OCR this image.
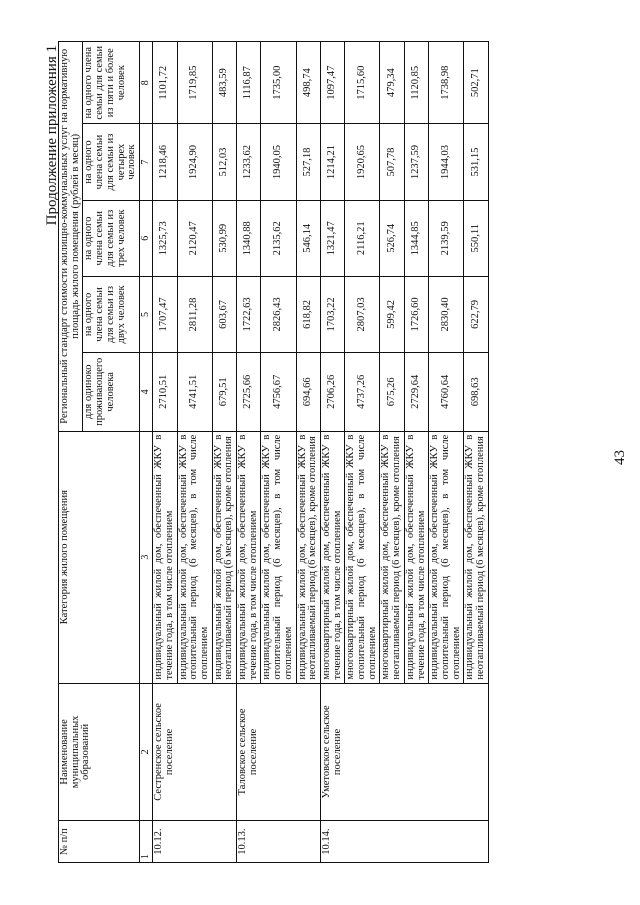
43
Продолжение приложения 1
№ п/п	Наименование муниципальных образований	Категория жилого помещения	Региональный стандарт стоимости жилищно-коммунальных услуг на нормативную площадь жилого помещения (рублей в месяц)				
			для одиноко проживающего человека	на одного члена семьи для семьи из двух человек	на одного члена семьи для семьи из трех человек	на одного члена семьи для семьи из четырех человек	на одного члена семьи для семьи из пяти и более человек
1	2	3	4	5	6	7	8
10.12.	Сестренское сельское поселение	индивидуальный жилой дом, обеспеченный ЖКУ в течение года, в том числе отоплением	2710,51	1707,47	1325,73	1218,46	1101,72
		индивидуальный жилой дом, обеспеченный ЖКУ в отопительный период (6 месяцев), в том числе отоплением	4741,51	2811,28	2120,47	1924,90	1719,85
		индивидуальный жилой дом, обеспеченный ЖКУ в неотапливаемый период (6 месяцев), кроме отопления	679,51	603,67	530,99	512,03	483,59
10.13.	Таловское сельское поселение	индивидуальный жилой дом, обеспеченный ЖКУ в течение года, в том числе отоплением	2725,66	1722,63	1340,88	1233,62	1116,87
		индивидуальный жилой дом, обеспеченный ЖКУ в отопительный период (6 месяцев), в том числе отоплением	4756,67	2826,43	2135,62	1940,05	1735,00
		индивидуальный жилой дом, обеспеченный ЖКУ в неотапливаемый период (6 месяцев), кроме отопления	694,66	618,82	546,14	527,18	498,74
10.14.	Уметовское сельское поселение	многоквартирный жилой дом, обеспеченный ЖКУ в течение года, в том числе отоплением	2706,26	1703,22	1321,47	1214,21	1097,47
		многоквартирный жилой дом, обеспеченный ЖКУ в отопительный период (6 месяцев), в том числе отоплением	4737,26	2807,03	2116,21	1920,65	1715,60
		многоквартирный жилой дом, обеспеченный ЖКУ в неотапливаемый период (6 месяцев), кроме отопления	675,26	599,42	526,74	507,78	479,34
		индивидуальный жилой дом, обеспеченный ЖКУ в течение года, в том числе отоплением	2729,64	1726,60	1344,85	1237,59	1120,85
		индивидуальный жилой дом, обеспеченный ЖКУ в отопительный период (6 месяцев), в том числе отоплением	4760,64	2830,40	2139,59	1944,03	1738,98
		индивидуальный жилой дом, обеспеченный ЖКУ в неотапливаемый период (6 месяцев), кроме отопления	698,63	622,79	550,11	531,15	502,71
